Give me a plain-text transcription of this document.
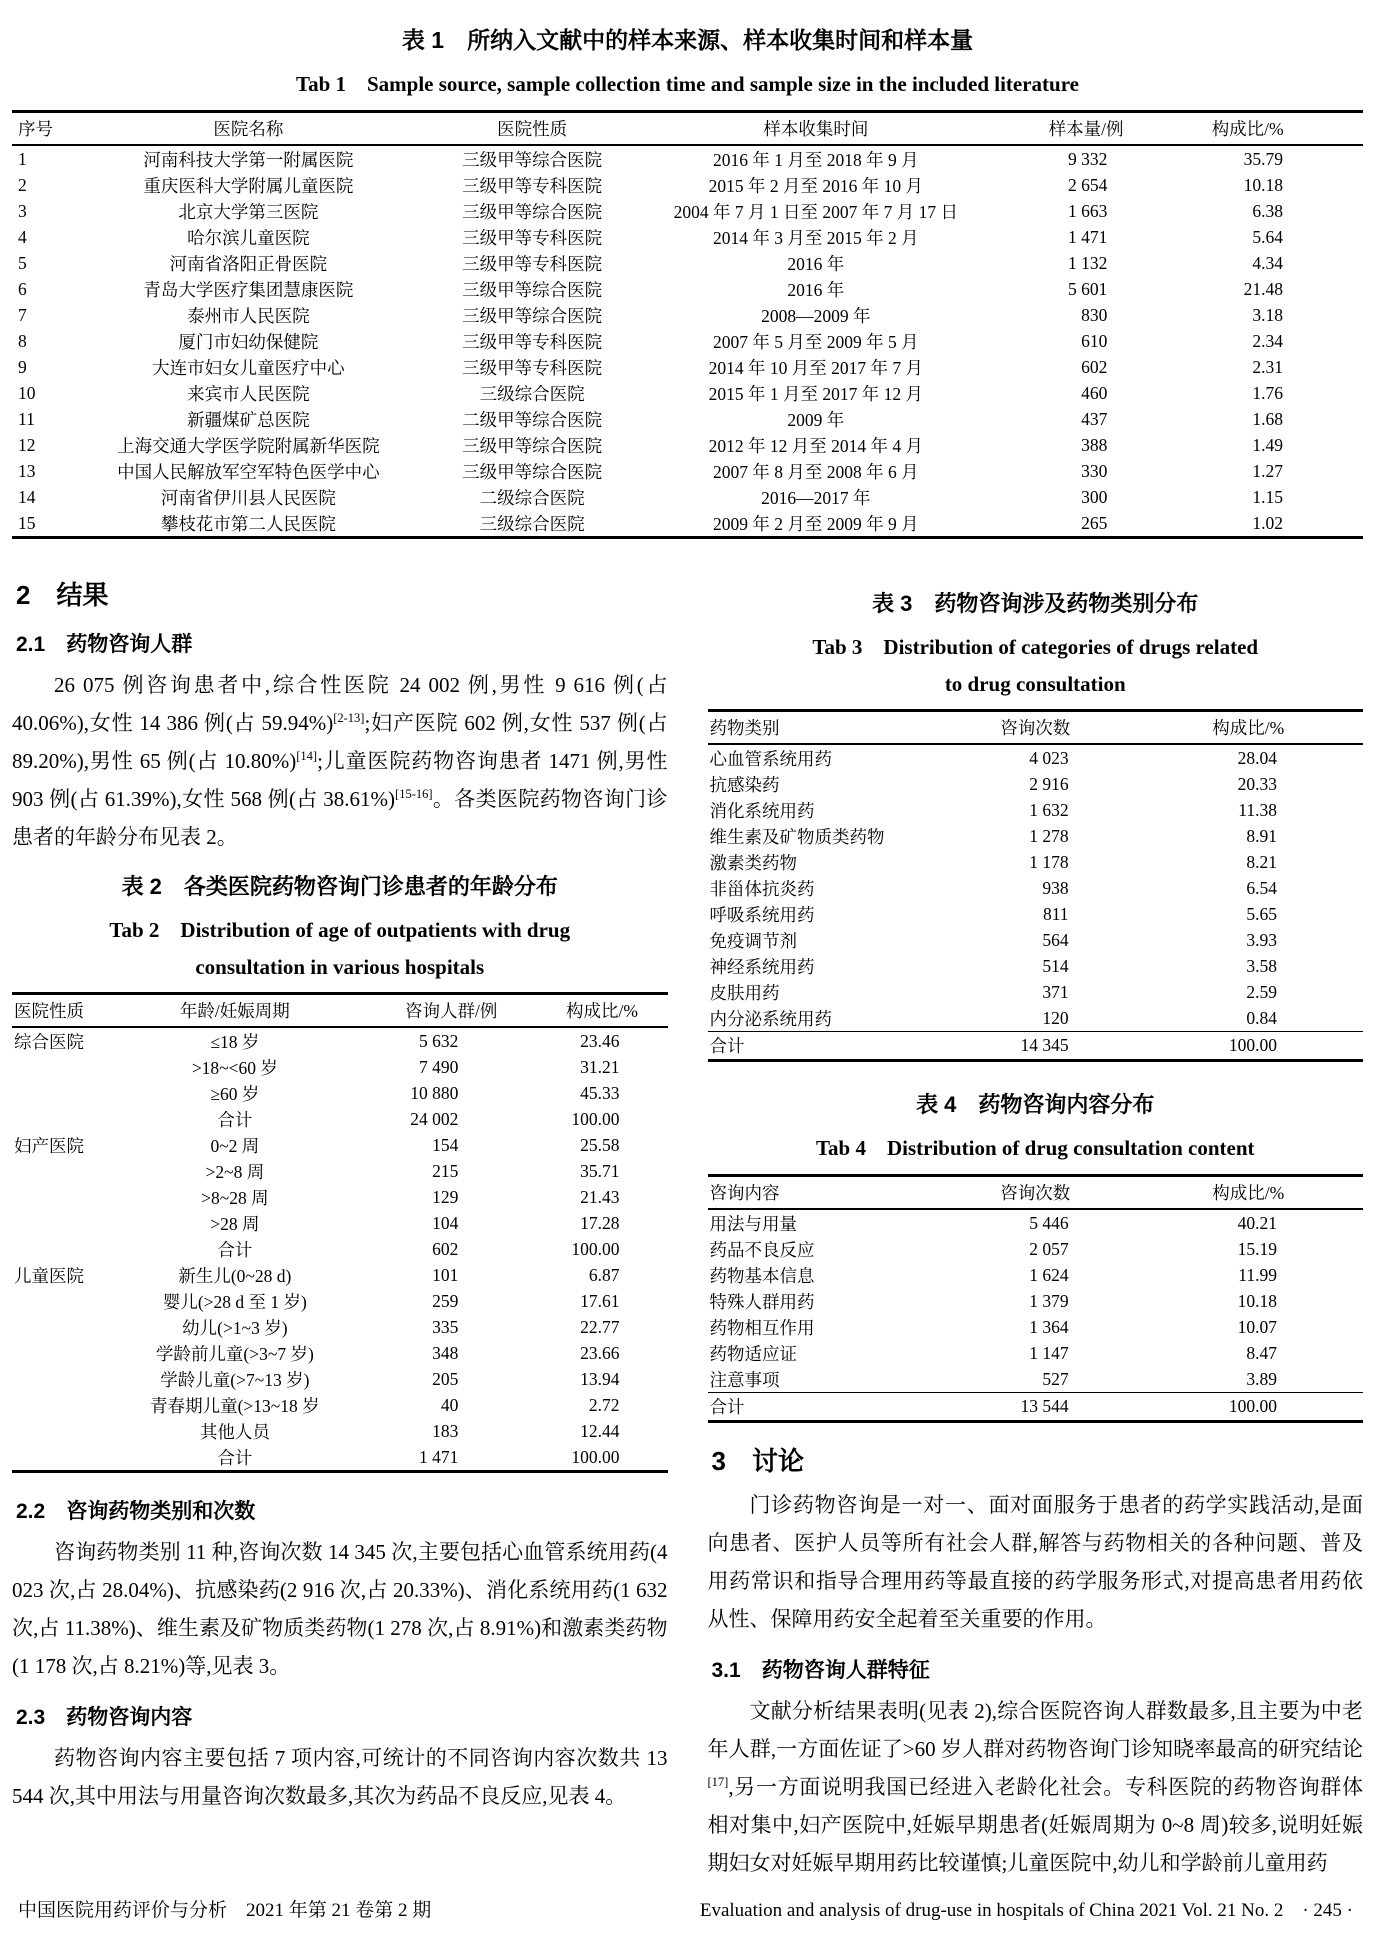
表 1　所纳入文献中的样本来源、样本收集时间和样本量
Tab 1　Sample source, sample collection time and sample size in the included literature
序号	医院名称	医院性质	样本收集时间	样本量/例	构成比/%
1	河南科技大学第一附属医院	三级甲等综合医院	2016 年 1 月至 2018 年 9 月	9 332	35.79
2	重庆医科大学附属儿童医院	三级甲等专科医院	2015 年 2 月至 2016 年 10 月	2 654	10.18
3	北京大学第三医院	三级甲等综合医院	2004 年 7 月 1 日至 2007 年 7 月 17 日	1 663	6.38
4	哈尔滨儿童医院	三级甲等专科医院	2014 年 3 月至 2015 年 2 月	1 471	5.64
5	河南省洛阳正骨医院	三级甲等专科医院	2016 年	1 132	4.34
6	青岛大学医疗集团慧康医院	三级甲等综合医院	2016 年	5 601	21.48
7	泰州市人民医院	三级甲等综合医院	2008—2009 年	830	3.18
8	厦门市妇幼保健院	三级甲等专科医院	2007 年 5 月至 2009 年 5 月	610	2.34
9	大连市妇女儿童医疗中心	三级甲等专科医院	2014 年 10 月至 2017 年 7 月	602	2.31
10	来宾市人民医院	三级综合医院	2015 年 1 月至 2017 年 12 月	460	1.76
11	新疆煤矿总医院	二级甲等综合医院	2009 年	437	1.68
12	上海交通大学医学院附属新华医院	三级甲等综合医院	2012 年 12 月至 2014 年 4 月	388	1.49
13	中国人民解放军空军特色医学中心	三级甲等综合医院	2007 年 8 月至 2008 年 6 月	330	1.27
14	河南省伊川县人民医院	二级综合医院	2016—2017 年	300	1.15
15	攀枝花市第二人民医院	三级综合医院	2009 年 2 月至 2009 年 9 月	265	1.02
2　结果
2.1　药物咨询人群

26 075 例咨询患者中,综合性医院 24 002 例,男性 9 616 例(占 40.06%),女性 14 386 例(占 59.94%)[2-13];妇产医院 602 例,女性 537 例(占 89.20%),男性 65 例(占 10.80%)[14];儿童医院药物咨询患者 1471 例,男性 903 例(占 61.39%),女性 568 例(占 38.61%)[15-16]。各类医院药物咨询门诊患者的年龄分布见表 2。

表 2　各类医院药物咨询门诊患者的年龄分布
Tab 2　Distribution of age of outpatients with drug
consultation in various hospitals
医院性质	年龄/妊娠周期	咨询人群/例	构成比/%
综合医院	≤18 岁	5 632	23.46
	>18~<60 岁	7 490	31.21
	≥60 岁	10 880	45.33
	合计	24 002	100.00
妇产医院	0~2 周	154	25.58
	>2~8 周	215	35.71
	>8~28 周	129	21.43
	>28 周	104	17.28
	合计	602	100.00
儿童医院	新生儿(0~28 d)	101	6.87
	婴儿(>28 d 至 1 岁)	259	17.61
	幼儿(>1~3 岁)	335	22.77
	学龄前儿童(>3~7 岁)	348	23.66
	学龄儿童(>7~13 岁)	205	13.94
	青春期儿童(>13~18 岁	40	2.72
	其他人员	183	12.44
	合计	1 471	100.00
2.2　咨询药物类别和次数

咨询药物类别 11 种,咨询次数 14 345 次,主要包括心血管系统用药(4 023 次,占 28.04%)、抗感染药(2 916 次,占 20.33%)、消化系统用药(1 632 次,占 11.38%)、维生素及矿物质类药物(1 278 次,占 8.91%)和激素类药物(1 178 次,占 8.21%)等,见表 3。

2.3　药物咨询内容

药物咨询内容主要包括 7 项内容,可统计的不同咨询内容次数共 13 544 次,其中用法与用量咨询次数最多,其次为药品不良反应,见表 4。

表 3　药物咨询涉及药物类别分布
Tab 3　Distribution of categories of drugs related
to drug consultation
药物类别	咨询次数	构成比/%
心血管系统用药	4 023	28.04
抗感染药	2 916	20.33
消化系统用药	1 632	11.38
维生素及矿物质类药物	1 278	8.91
激素类药物	1 178	8.21
非甾体抗炎药	938	6.54
呼吸系统用药	811	5.65
免疫调节剂	564	3.93
神经系统用药	514	3.58
皮肤用药	371	2.59
内分泌系统用药	120	0.84
合计	14 345	100.00
表 4　药物咨询内容分布
Tab 4　Distribution of drug consultation content
咨询内容	咨询次数	构成比/%
用法与用量	5 446	40.21
药品不良反应	2 057	15.19
药物基本信息	1 624	11.99
特殊人群用药	1 379	10.18
药物相互作用	1 364	10.07
药物适应证	1 147	8.47
注意事项	527	3.89
合计	13 544	100.00
3　讨论

门诊药物咨询是一对一、面对面服务于患者的药学实践活动,是面向患者、医护人员等所有社会人群,解答与药物相关的各种问题、普及用药常识和指导合理用药等最直接的药学服务形式,对提高患者用药依从性、保障用药安全起着至关重要的作用。

3.1　药物咨询人群特征

文献分析结果表明(见表 2),综合医院咨询人群数最多,且主要为中老年人群,一方面佐证了>60 岁人群对药物咨询门诊知晓率最高的研究结论[17],另一方面说明我国已经进入老龄化社会。专科医院的药物咨询群体相对集中,妇产医院中,妊娠早期患者(妊娠周期为 0~8 周)较多,说明妊娠期妇女对妊娠早期用药比较谨慎;儿童医院中,幼儿和学龄前儿童用药

中国医院用药评价与分析　2021 年第 21 卷第 2 期	Evaluation and analysis of drug-use in hospitals of China 2021 Vol. 21 No. 2　· 245 ·
